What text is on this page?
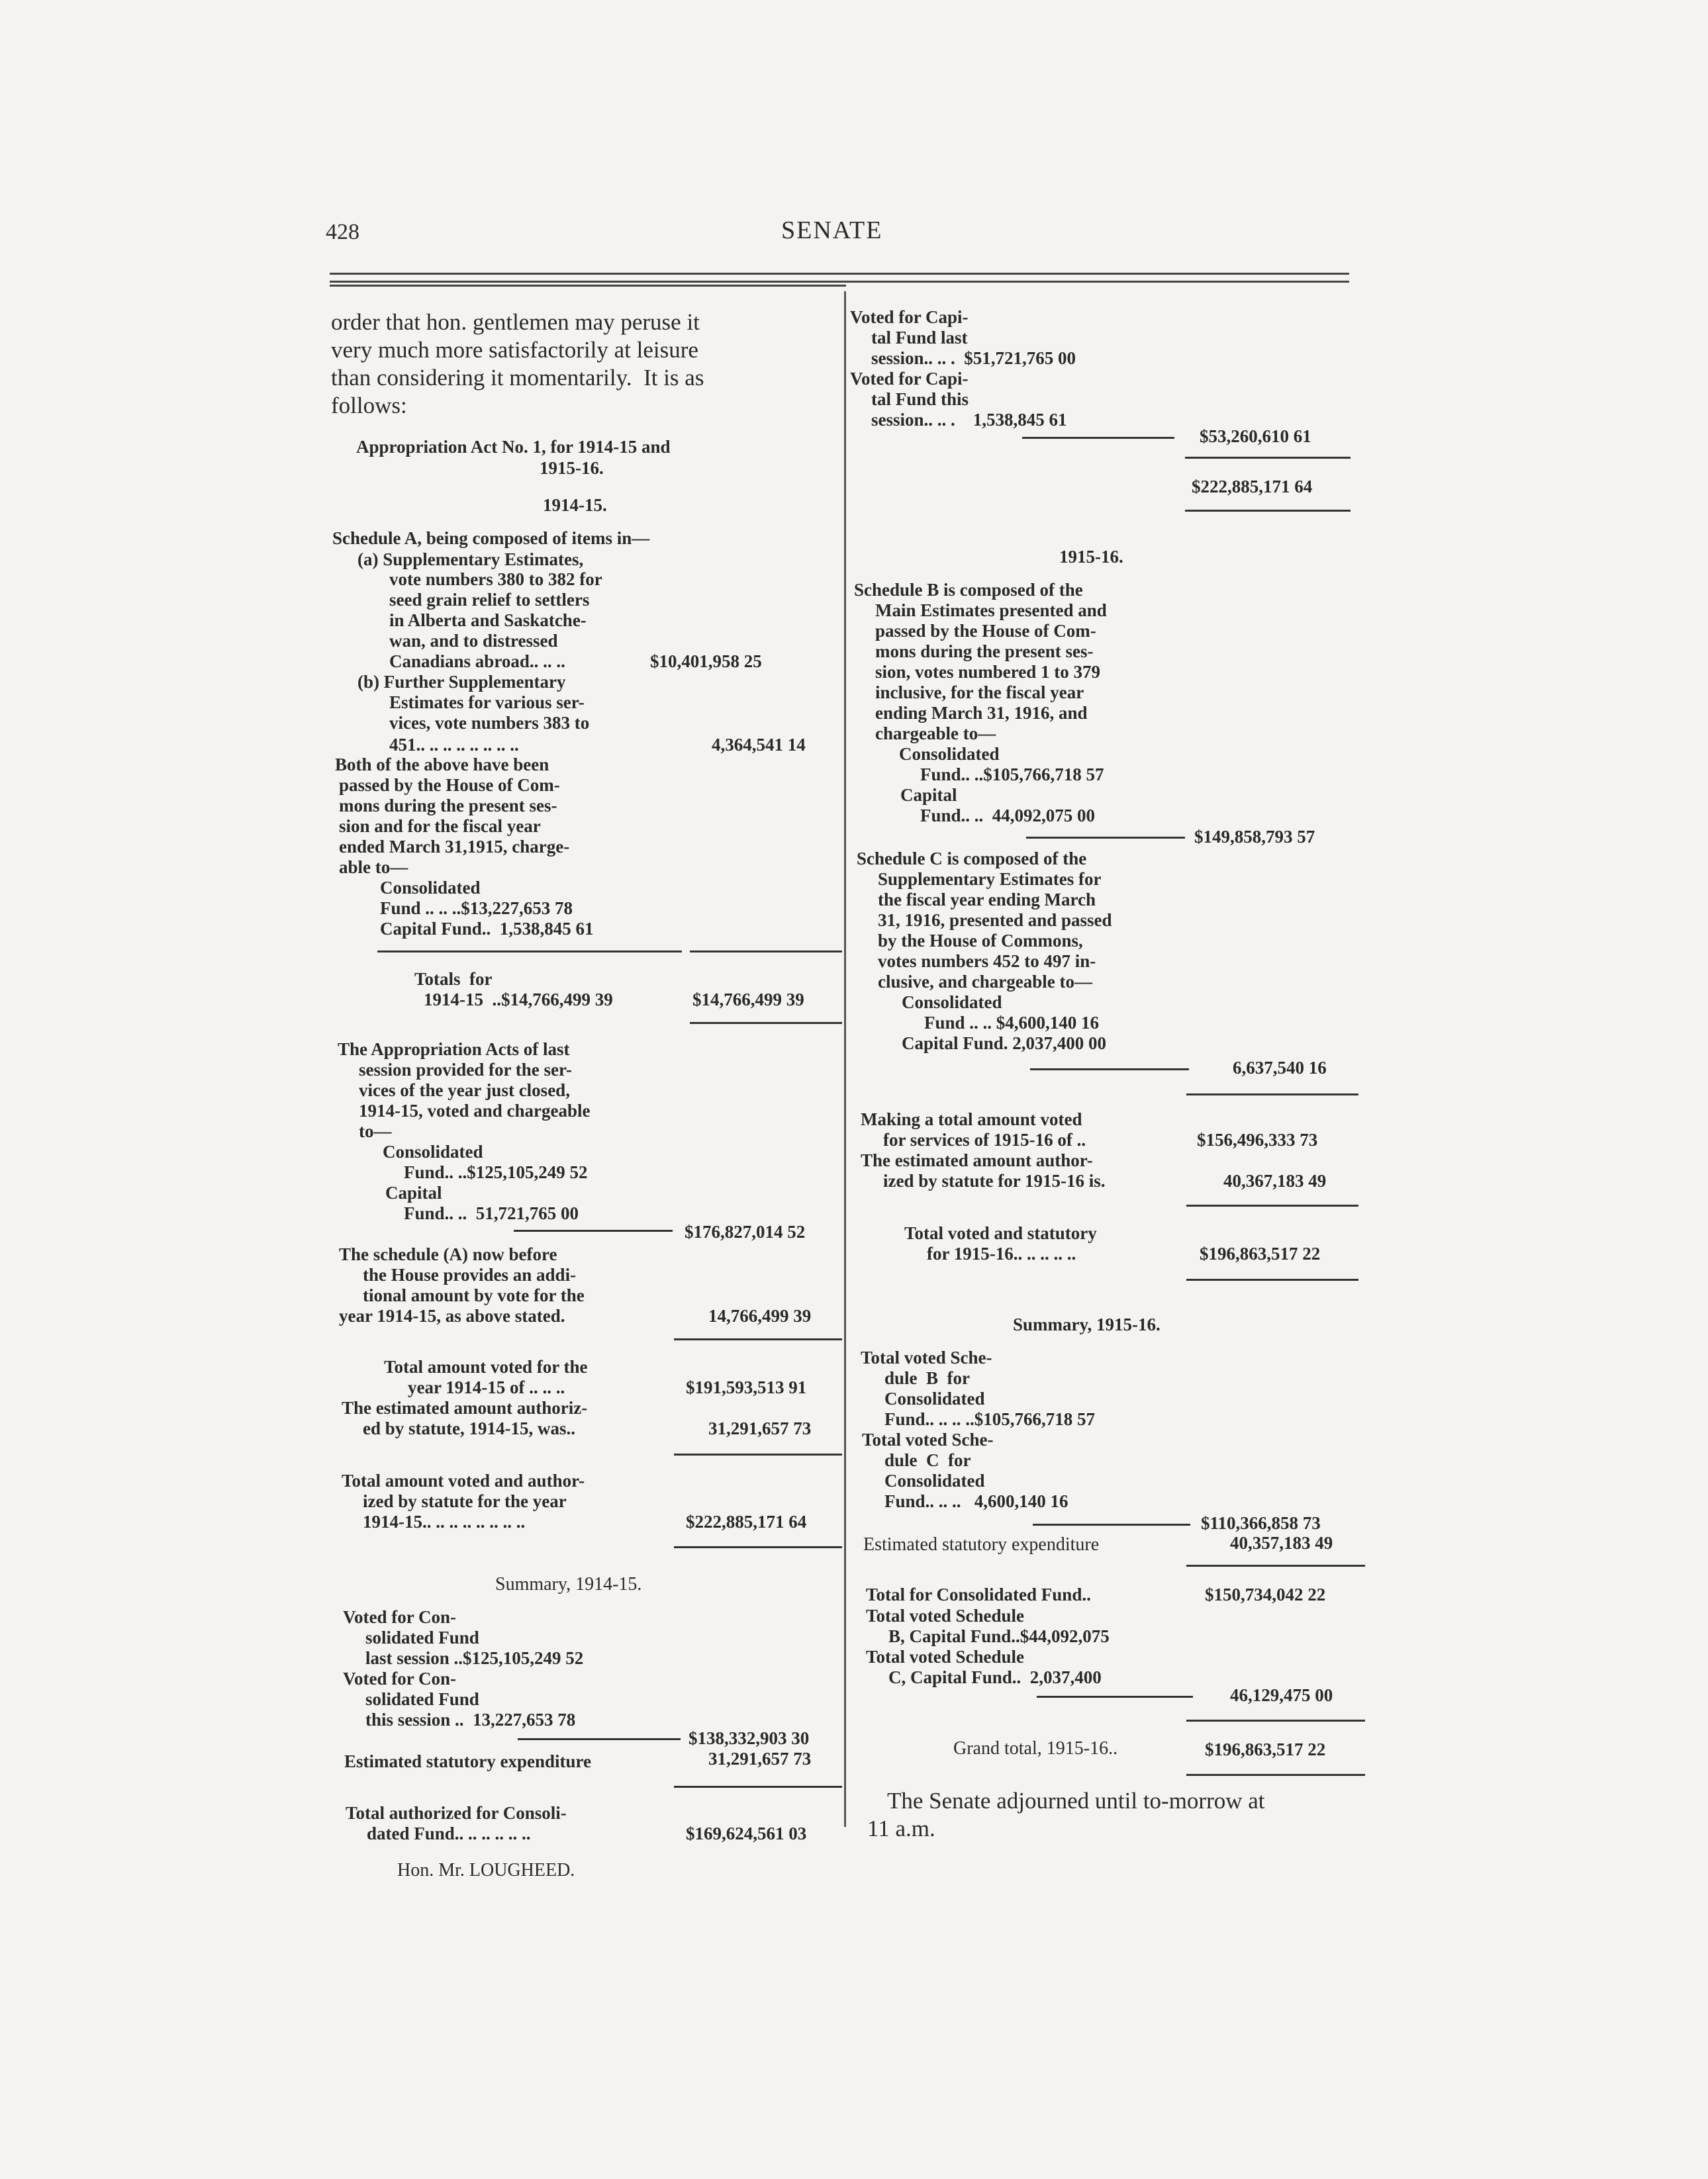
428	SENATE
order that hon. gentlemen may peruse it
very much more satisfactorily at leisure
than considering it momentarily.  It is as
follows:
Appropriation Act No. 1, for 1914-15 and
1915-16.
1914-15.
Schedule A, being composed of items in—
(a) Supplementary Estimates,
vote numbers 380 to 382 for
seed grain relief to settlers
in Alberta and Saskatche-
wan, and to distressed
Canadians abroad.. .. ..	$10,401,958 25
(b) Further Supplementary
Estimates for various ser-
vices, vote numbers 383 to
451.. .. .. .. .. .. .. ..	4,364,541 14
Both of the above have been
passed by the House of Com-
mons during the present ses-
sion and for the fiscal year
ended March 31,1915, charge-
able to—
Consolidated
Fund .. .. ..$13,227,653 78
Capital Fund..  1,538,845 61
Totals  for
1914-15  ..$14,766,499 39	$14,766,499 39
The Appropriation Acts of last
session provided for the ser-
vices of the year just closed,
1914-15, voted and chargeable
to—
Consolidated
Fund.. ..$125,105,249 52
Capital
Fund.. ..  51,721,765 00
$176,827,014 52
The schedule (A) now before
the House provides an addi-
tional amount by vote for the
year 1914-15, as above stated.	14,766,499 39
Total amount voted for the
year 1914-15 of .. .. ..	$191,593,513 91
The estimated amount authoriz-
ed by statute, 1914-15, was..	31,291,657 73
Total amount voted and author-
ized by statute for the year
1914-15.. .. .. .. .. .. .. ..	$222,885,171 64
Summary, 1914-15.
Voted for Con-
solidated Fund
last session ..$125,105,249 52
Voted for Con-
solidated Fund
this session ..  13,227,653 78
$138,332,903 30
Estimated statutory expenditure	31,291,657 73
Total authorized for Consoli-
dated Fund.. .. .. .. .. ..	$169,624,561 03
Hon. Mr. LOUGHEED.
Voted for Capi-
tal Fund last
session.. .. .  $51,721,765 00
Voted for Capi-
tal Fund this
session.. .. .    1,538,845 61
$53,260,610 61
$222,885,171 64
1915-16.
Schedule B is composed of the
Main Estimates presented and
passed by the House of Com-
mons during the present ses-
sion, votes numbered 1 to 379
inclusive, for the fiscal year
ending March 31, 1916, and
chargeable to—
Consolidated
Fund.. ..$105,766,718 57
Capital
Fund.. ..  44,092,075 00
$149,858,793 57
Schedule C is composed of the
Supplementary Estimates for
the fiscal year ending March
31, 1916, presented and passed
by the House of Commons,
votes numbers 452 to 497 in-
clusive, and chargeable to—
Consolidated
Fund .. .. $4,600,140 16
Capital Fund. 2,037,400 00
6,637,540 16
Making a total amount voted
for services of 1915-16 of ..	$156,496,333 73
The estimated amount author-
ized by statute for 1915-16 is.	40,367,183 49
Total voted and statutory
for 1915-16.. .. .. .. ..	$196,863,517 22
Summary, 1915-16.
Total voted Sche-
dule  B  for
Consolidated
Fund.. .. .. ..$105,766,718 57
Total voted Sche-
dule  C  for
Consolidated
Fund.. .. ..   4,600,140 16
$110,366,858 73
Estimated statutory expenditure	40,357,183 49
Total for Consolidated Fund..	$150,734,042 22
Total voted Schedule
B, Capital Fund..$44,092,075
Total voted Schedule
C, Capital Fund..  2,037,400
46,129,475 00
Grand total, 1915-16..	$196,863,517 22
The Senate adjourned until to-morrow at
11 a.m.
